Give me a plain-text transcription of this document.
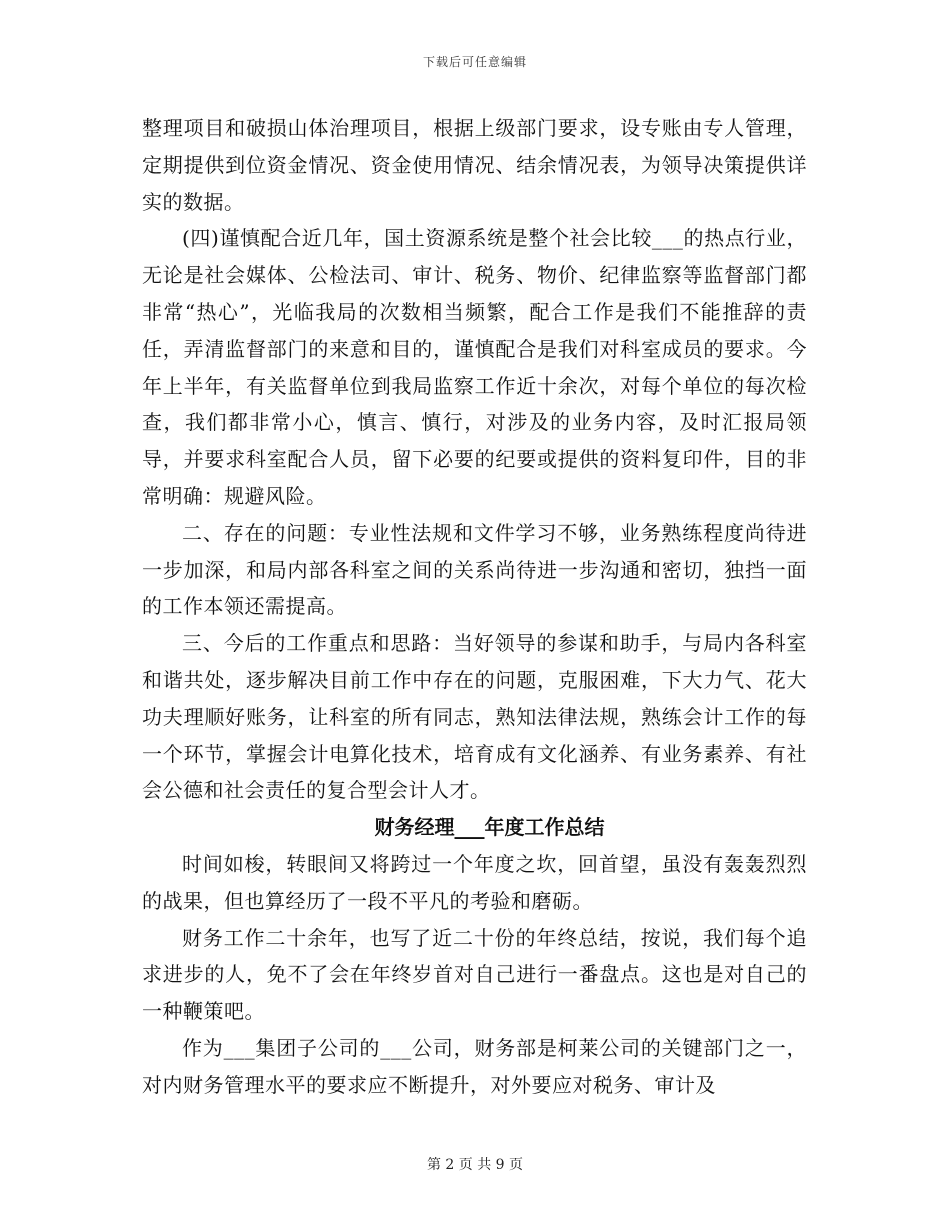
下载后可任意编辑

整理项目和破损山体治理项目，根据上级部门要求，设专账由专人管理，定期提供到位资金情况、资金使用情况、结余情况表，为领导决策提供详实的数据。

(四)谨慎配合近几年，国土资源系统是整个社会比较___的热点行业，无论是社会媒体、公检法司、审计、税务、物价、纪律监察等监督部门都非常“热心”，光临我局的次数相当频繁，配合工作是我们不能推辞的责任，弄清监督部门的来意和目的，谨慎配合是我们对科室成员的要求。今年上半年，有关监督单位到我局监察工作近十余次，对每个单位的每次检查，我们都非常小心，慎言、慎行，对涉及的业务内容，及时汇报局领导，并要求科室配合人员，留下必要的纪要或提供的资料复印件，目的非常明确：规避风险。

二、存在的问题：专业性法规和文件学习不够，业务熟练程度尚待进一步加深，和局内部各科室之间的关系尚待进一步沟通和密切，独挡一面的工作本领还需提高。

三、今后的工作重点和思路：当好领导的参谋和助手，与局内各科室和谐共处，逐步解决目前工作中存在的问题，克服困难，下大力气、花大功夫理顺好账务，让科室的所有同志，熟知法律法规，熟练会计工作的每一个环节，掌握会计电算化技术，培育成有文化涵养、有业务素养、有社会公德和社会责任的复合型会计人才。

财务经理___年度工作总结

时间如梭，转眼间又将跨过一个年度之坎，回首望，虽没有轰轰烈烈的战果，但也算经历了一段不平凡的考验和磨砺。

财务工作二十余年，也写了近二十份的年终总结，按说，我们每个追求进步的人，免不了会在年终岁首对自己进行一番盘点。这也是对自己的一种鞭策吧。

作为___集团子公司的___公司，财务部是柯莱公司的关键部门之一，对内财务管理水平的要求应不断提升，对外要应对税务、审计及

第 2 页 共 9 页
